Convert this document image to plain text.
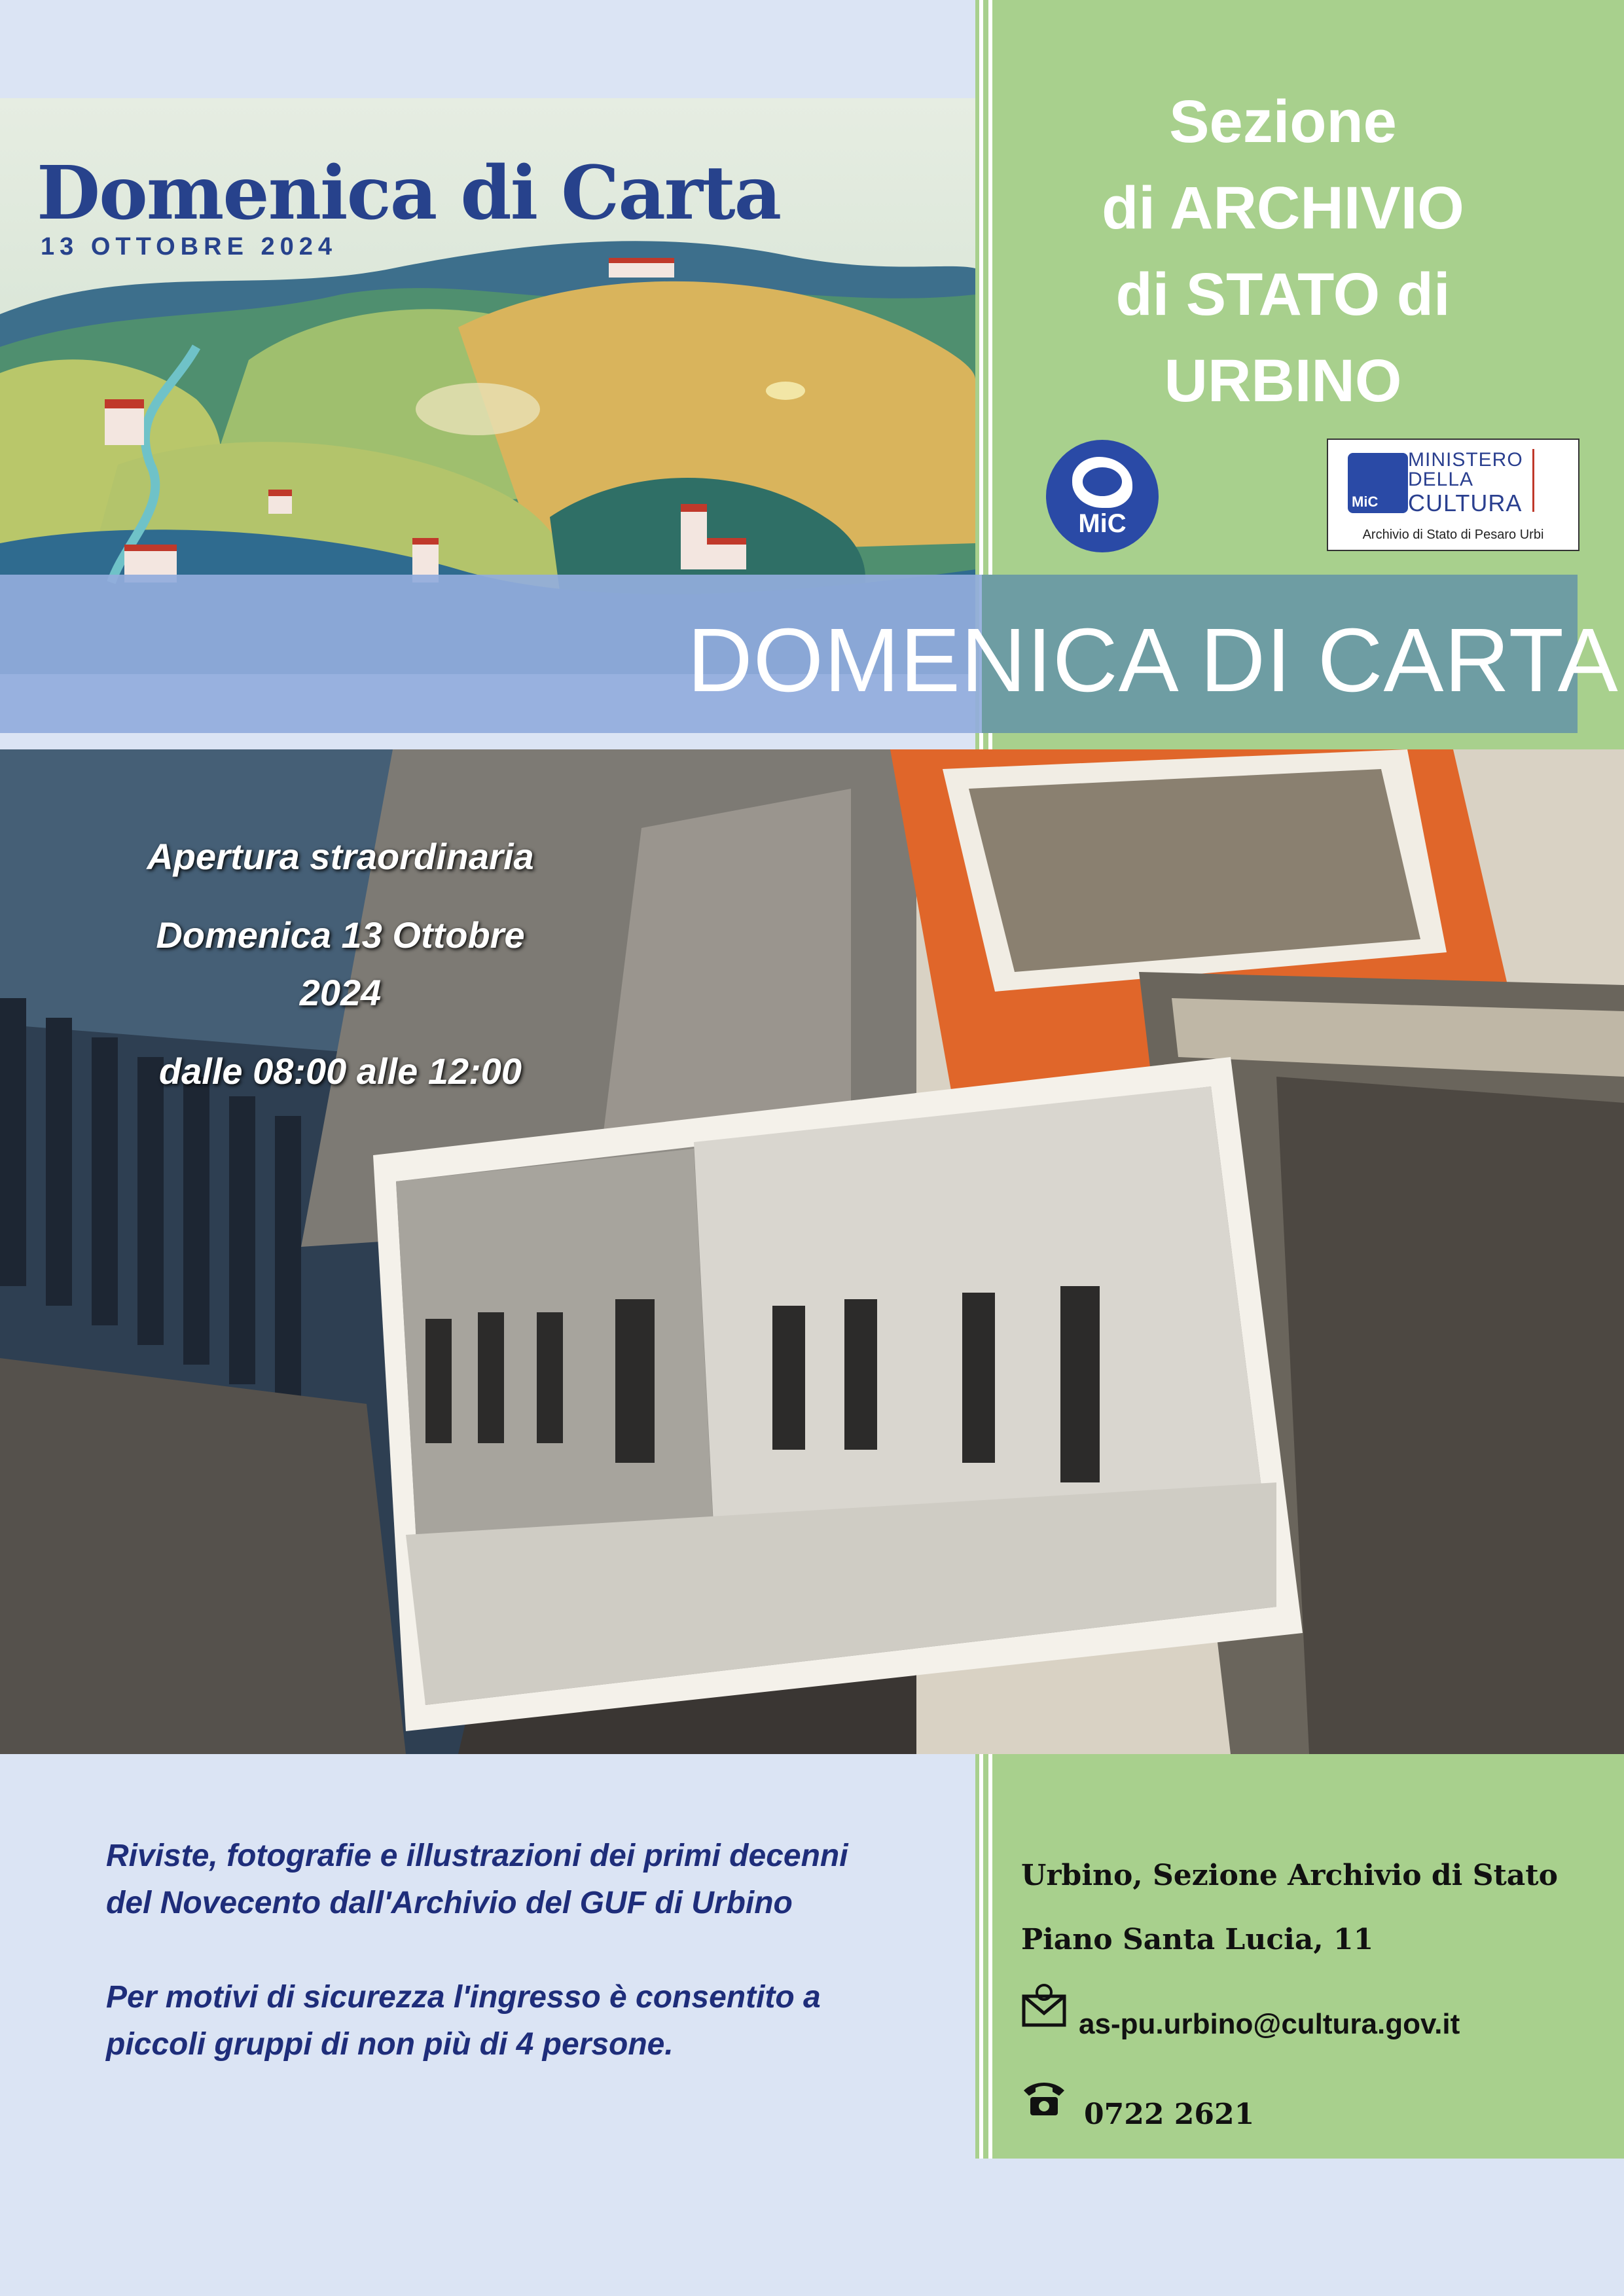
Sezione
di ARCHIVIO
di STATO di
URBINO
MiC
MiC
MINISTERO
DELLA
CULTURA
Archivio di Stato di Pesaro Urbi
Domenica di Carta
13 OTTOBRE 2024
DOMENICA DI CARTA
Apertura straordinaria
Domenica 13 Ottobre
2024
dalle 08:00 alle 12:00

Riviste, fotografie e illustrazioni dei primi decenni del Novecento dall'Archivio del GUF di Urbino

Per motivi di sicurezza l'ingresso è consentito a piccoli gruppi di non più di 4 persone.

Urbino, Sezione Archivio di Stato
Piano Santa Lucia, 11
as-pu.urbino@cultura.gov.it
0722 2621
